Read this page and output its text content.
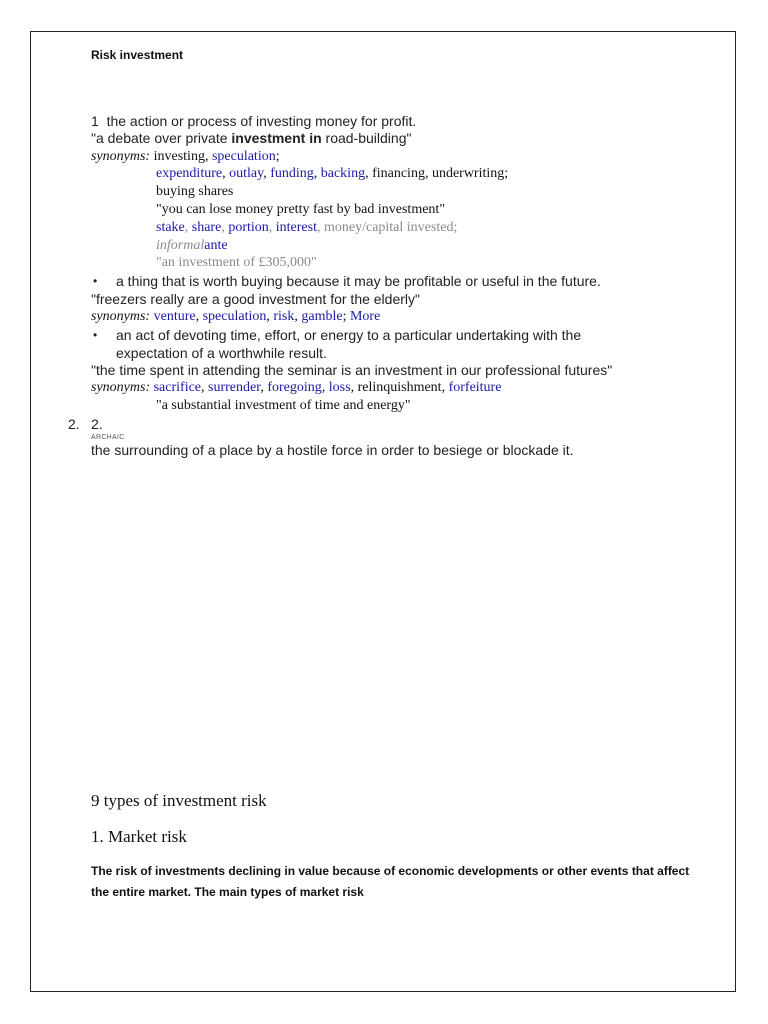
Risk investment
1 the action or process of investing money for profit.
"a debate over private investment in road-building"
synonyms: investing, speculation;
expenditure, outlay, funding, backing, financing, underwriting;
buying shares
"you can lose money pretty fast by bad investment"
stake, share, portion, interest, money/capital invested;
informalante
"an investment of £305,000"
• a thing that is worth buying because it may be profitable or useful in the future.
"freezers really are a good investment for the elderly"
synonyms: venture, speculation, risk, gamble; More
• an act of devoting time, effort, or energy to a particular undertaking with the
expectation of a worthwhile result.
"the time spent in attending the seminar is an investment in our professional futures"
synonyms: sacrifice, surrender, foregoing, loss, relinquishment, forfeiture
"a substantial investment of time and energy"
2. 2.
ARCHAIC
the surrounding of a place by a hostile force in order to besiege or blockade it.
9 types of investment risk
1. Market risk
The risk of investments declining in value because of economic developments or other events that affect
the entire market. The main types of market risk
